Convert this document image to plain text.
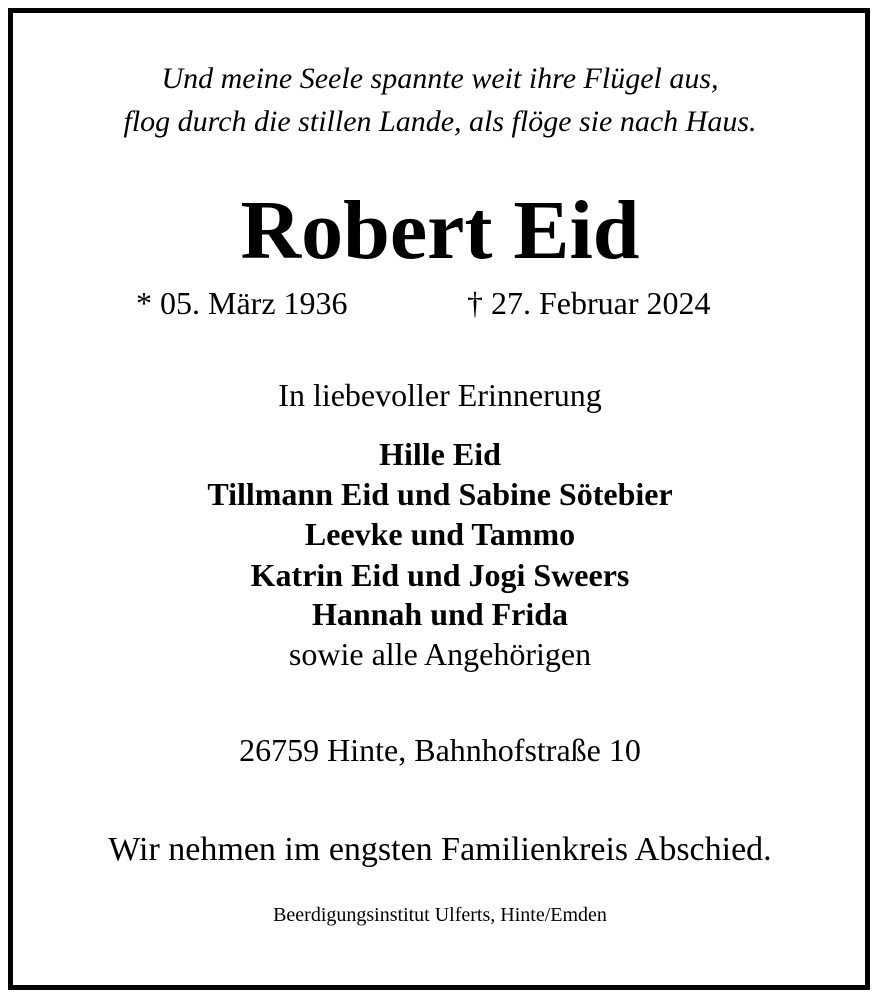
Und meine Seele spannte weit ihre Flügel aus,
flog durch die stillen Lande, als flöge sie nach Haus.
Robert Eid
* 05. März 1936	† 27. Februar 2024
In liebevoller Erinnerung
Hille Eid
Tillmann Eid und Sabine Sötebier
Leevke und Tammo
Katrin Eid und Jogi Sweers
Hannah und Frida
sowie alle Angehörigen
26759 Hinte, Bahnhofstraße 10
Wir nehmen im engsten Familienkreis Abschied.
Beerdigungsinstitut Ulferts, Hinte/Emden
